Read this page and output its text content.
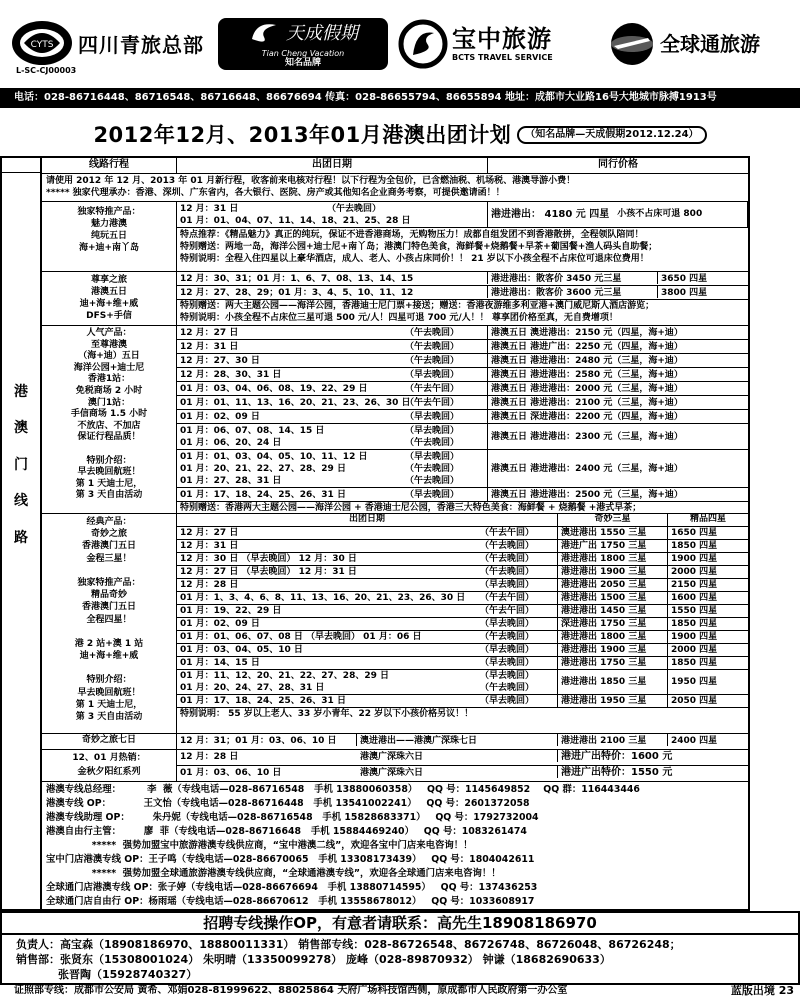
CYTS 四川青旅总部
L-SC-CJ00003
天成假期
Tian Cheng Vacation
知名品牌
宝中旅游
BCTS TRAVEL SERVICE
全球通旅游
电话：028-86716448、86716548、86716648、86676694 传真：028-86655794、86655894 地址：成都市大业路16号大地城市脉搏1913号
2012年12月、2013年01月港澳出团计划	（知名品牌—天成假期2012.12.24）
港
澳
门
线
路
线路行程	出团日期	同行价格
请使用 2012 年 12 月、2013 年 01 月新行程，收客前来电核对行程！以下行程为全包价，已含燃油税、机场税、港澳导游小费！
***** 独家代理承办：香港、深圳、广东省内，各大银行、医院、房产或其他知名企业商务考察，可提供邀请函！！
独家特推产品：
魅力港澳
纯玩五日
海+迪+南丫岛
12 月：31 日	（午去晚回）
01 月：01、04、07、11、14、18、21、25、28 日
港进港出： 4180 元 四星 小孩不占床可退 800
特点推荐：《精品魅力》真正的纯玩，保证不进香港商场，无购物压力！成都自组发团不到香港散拼，全程领队陪同！
特别赠送：两地一岛，海洋公园+迪士尼+南丫岛；港澳门特色美食，海鲜餐+烧鹅餐+早茶+葡国餐+渔人码头自助餐；
特别说明：全程入住四星以上豪华酒店，成人、老人、小孩占床同价！！ 21 岁以下小孩全程不占床位可退床位费用！
尊享之旅
港澳五日
迪+海+维+威
DFS+手信
12 月：30、31；01 月：1、6、7、08、13、14、15	港进港出：散客价 3450 元三星	3650 四星
12 月：27、28、29；01 月：3、4、5、10、11、12	港进港出：散客价 3600 元三星	3800 四星
特别赠送：两大主题公园——海洋公园，香港迪士尼门票+接送；赠送：香港夜游维多利亚港+澳门威尼斯人酒店游览；
特别说明：小孩全程不占床位三星可退 500 元/人！四星可退 700 元/人！！ 尊享团价格至真，无自费增项！
人气产品：
至尊港澳
（海+迪）五日
海洋公园+迪士尼
香港1站：
免税商场 2 小时
澳门1站：
手信商场 1.5 小时
不放店、不加店
保证行程品质！
特别介绍：
早去晚回航班！
第 1 天迪士尼，
第 3 天自由活动
12 月：27 日	（午去晚回）	港澳五日 澳进港出：2150 元（四星，海+迪）
12 月：31 日	（午去晚回）	港澳五日 港进广出：2250 元（四星，海+迪）
12 月：27、30 日	（午去晚回）	港澳五日 港进港出：2480 元（三星，海+迪）
12 月：28、30、31 日	（早去晚回）	港澳五日 港进港出：2580 元（三星，海+迪）
01 月：03、04、06、08、19、22、29 日	（午去午回）	港澳五日 港进港出：2000 元（三星，海+迪）
01 月：01、11、13、16、20、21、23、26、30 日
（午去午回）	港澳五日 港进港出：2100 元（三星，海+迪）
01 月：02、09 日	（早去晚回）	港澳五日 深进港出：2200 元（四星，海+迪）
01 月：06、07、08、14、15 日	（早去晚回）
01 月：06、20、24 日	（午去晚回）
港澳五日 港进港出：2300 元（三星，海+迪）
01 月：01、03、04、05、10、11、12 日	（早去晚回）
01 月：20、21、22、27、28、29 日	（午去晚回）
01 月：27、28、31 日	（午去晚回）
港澳五日 港进港出：2400 元（三星，海+迪）
01 月：17、18、24、25、26、31 日	（早去晚回）	港澳五日 港进港出：2500 元（三星，海+迪）
特别赠送：香港两大主题公园——海洋公园 + 香港迪士尼公园，香港三大特色美食：海鲜餐 + 烧鹅餐 +港式早茶；
经典产品：
奇妙之旅
香港澳门五日
金程三星！
独家特推产品：
精品奇妙
香港澳门五日
全程四星！
港 2 站+澳 1 站
迪+海+维+威
特别介绍：
早去晚回航班！
第 1 天迪士尼，
第 3 天自由活动
出团日期	奇妙三星	精品四星
12 月：27 日	（午去午回）	澳进港出 1550 三星	1650 四星
12 月：31 日	（午去晚回）	港进广出 1750 三星	1850 四星
12 月：30 日 （早去晚回） 12 月：30 日	（午去晚回）	港进港出 1800 三星	1900 四星
12 月：27 日 （早去晚回） 12 月：31 日	（午去晚回）	港进港出 1900 三星	2000 四星
12 月：28 日	（早去晚回）	港进港出 2050 三星	2150 四星
01 月：1、3、4、6、8、11、13、16、20、21、23、26、30 日 （午去午回）	港进港出 1500 三星	1600 四星
01 月：19、22、29 日	（午去午回）	港进港出 1450 三星	1550 四星
01 月：02、09 日	（早去晚回）	深进港出 1750 三星	1850 四星
01 月：01、06、07、08 日 （早去晚回） 01 月：06 日	（午去晚回）	港进港出 1800 三星	1900 四星
01 月：03、04、05、10 日	（早去晚回）	港进港出 1900 三星	2000 四星
01 月：14、15 日	（早去晚回）	港进港出 1750 三星	1850 四星
01 月：11、12、20、21、22、27、28、29 日	（早去晚回）
01 月：20、24、27、28、31 日	（午去晚回）
港进港出 1850 三星	1950 四星
01 月：17、18、24、25、26、31 日	（早去晚回）	港进港出 1950 三星	2050 四星
特别说明： 55 岁以上老人、33 岁小青年、22 岁以下小孩价格另议！！
奇妙之旅七日	12 月：31；01 月：03、06、10 日	澳进港出——港澳广深珠七日	港进港出 2100 三星	2400 四星
12、01 月热销：
金秋夕阳红系列
12 月：28 日	港澳广深珠六日	港进广出特价：1600 元
01 月：03、06、10 日	港澳广深珠六日	港进广出特价：1550 元
港澳专线总经理：        李  薇（专线电话—028-86716548   手机 13880060358）   QQ 号：1145649852    QQ 群：116443446
港澳专线 OP：          王文怡（专线电话—028-86716448   手机 13541002241）   QQ 号：2601372058
港澳专线助理 OP：       朱丹妮（专线电话—028-86716548   手机 15828683371）   QQ 号：1792732004
港澳自由行主管：       廖  菲（专线电话—028-86716648   手机 15884469240）   QQ 号：1083261474
*****  强势加盟宝中旅游港澳专线供应商，“宝中港澳二线”，欢迎各宝中门店来电咨询！！
宝中门店港澳专线 OP：王子鸣（专线电话—028-86670065   手机 13308173439）   QQ 号：1804042611
*****  强势加盟全球通旅游港澳专线供应商，“全球通港澳专线”，欢迎各全球通门店来电咨询！！
全球通门店港澳专线 OP：张子婷（专线电话—028-86676694   手机 13880714595）   QQ 号：137436253
全球通门店自由行 OP：杨雨瑶（专线电话—028-86670612   手机 13558678012）   QQ 号：1033608917
招聘专线操作OP，有意者请联系：高先生18908186970
负责人：高宝森（18908186970、18880011331） 销售部专线：028-86726548、86726748、86726048、86726248；
销售部：张贤东（15308001024） 朱明晴（13350099278） 庞峰（028-89870932） 钟谦（18682690633）
张晋陶（15928740327）
证照部专线：成都市公安局 黄希、邓娟028-81999622、88025864 天府广场科技馆西侧，原成都市人民政府第一办公室	蓝版出境 23
